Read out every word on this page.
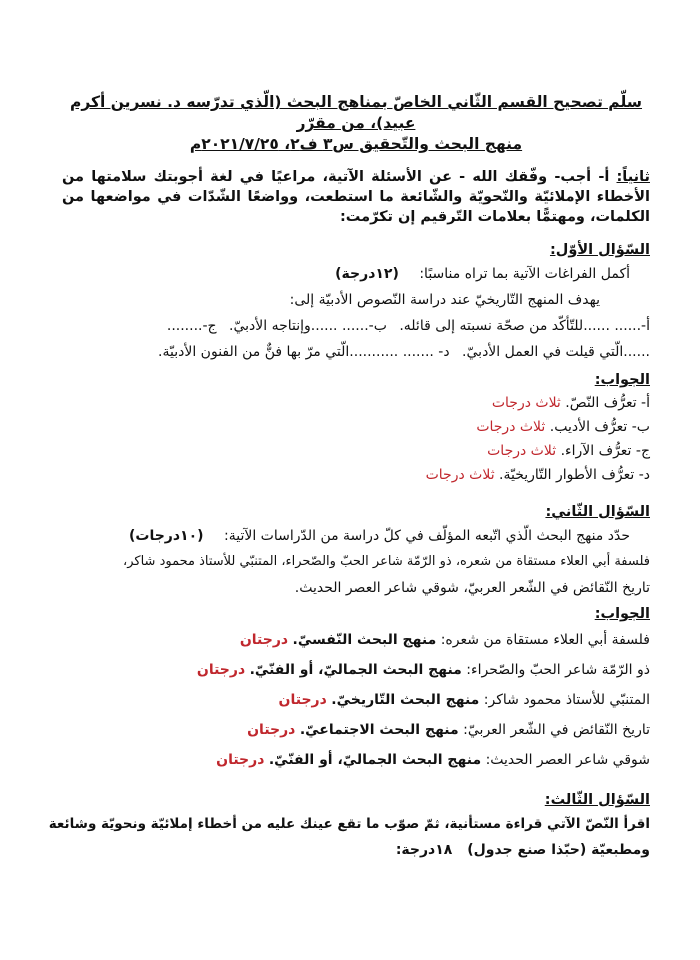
سلّم تصحيح القسم الثّاني الخاصّ بمناهج البحث (الّذي تدرّسه د. نسرين أكرم عبيد)، من مقرّر
منهج البحث والتّحقيق س٣ ف٢، ٢٠٢١/٧/٢٥م
ثانياً: أ- أجب- وفّقك الله - عن الأسئلة الآتية، مراعيًا في لغة أجوبتك سلامتها من الأخطاء الإملائيّة والنّحويّة والشّائعة ما استطعت، وواضعًا الشّدّات في مواضعها من الكلمات، ومهتمًّا بعلامات التّرقيم إن تكرّمت:
السّؤال الأوّل:
أكمل الفراغات الآتية بما تراه مناسبًا: (١٢درجة)
يهدف المنهج التّاريخيّ عند دراسة النّصوص الأدبيّة إلى:
أ-...... ......للتّأكّد من صحّة نسبته إلى قائله. ب-...... ......وإنتاجه الأدبيّ. ج-........
......الّتي قيلت في العمل الأدبيّ. د- ....... ...........الّتي مرّ بها فنٌّ من الفنون الأدبيّة.
الجواب:
أ- تعرُّف النّصّ. ثلاث درجات
ب- تعرُّف الأديب. ثلاث درجات
ج- تعرُّف الآراء. ثلاث درجات
د- تعرُّف الأطوار التّاريخيّة. ثلاث درجات
السّؤال الثّاني:
حدّد منهج البحث الّذي اتّبعه المؤلّف في كلّ دراسة من الدّراسات الآتية: (١٠درجات)
فلسفة أبي العلاء مستقاة من شعره، ذو الرّمّة شاعر الحبّ والصّحراء، المتنبّي للأستاذ محمود شاكر،
تاريخ النّقائض في الشّعر العربيّ، شوقي شاعر العصر الحديث.
الجواب:
فلسفة أبي العلاء مستقاة من شعره: منهج البحث النّفسيّ. درجتان
ذو الرّمّة شاعر الحبّ والصّحراء: منهج البحث الجماليّ، أو الفنّيّ. درجتان
المتنبّي للأستاذ محمود شاكر: منهج البحث التّاريخيّ. درجتان
تاريخ النّقائض في الشّعر العربيّ: منهج البحث الاجتماعيّ. درجتان
شوقي شاعر العصر الحديث: منهج البحث الجماليّ، أو الفنّيّ. درجتان
السّؤال الثّالث:
اقرأ النّصّ الآتي قراءة مستأنية، ثمّ صوّب ما تقع عينك عليه من أخطاء إملائيّة ونحويّة وشائعة
ومطبعيّة (حبّذا صنع جدول) ١٨درجة:
